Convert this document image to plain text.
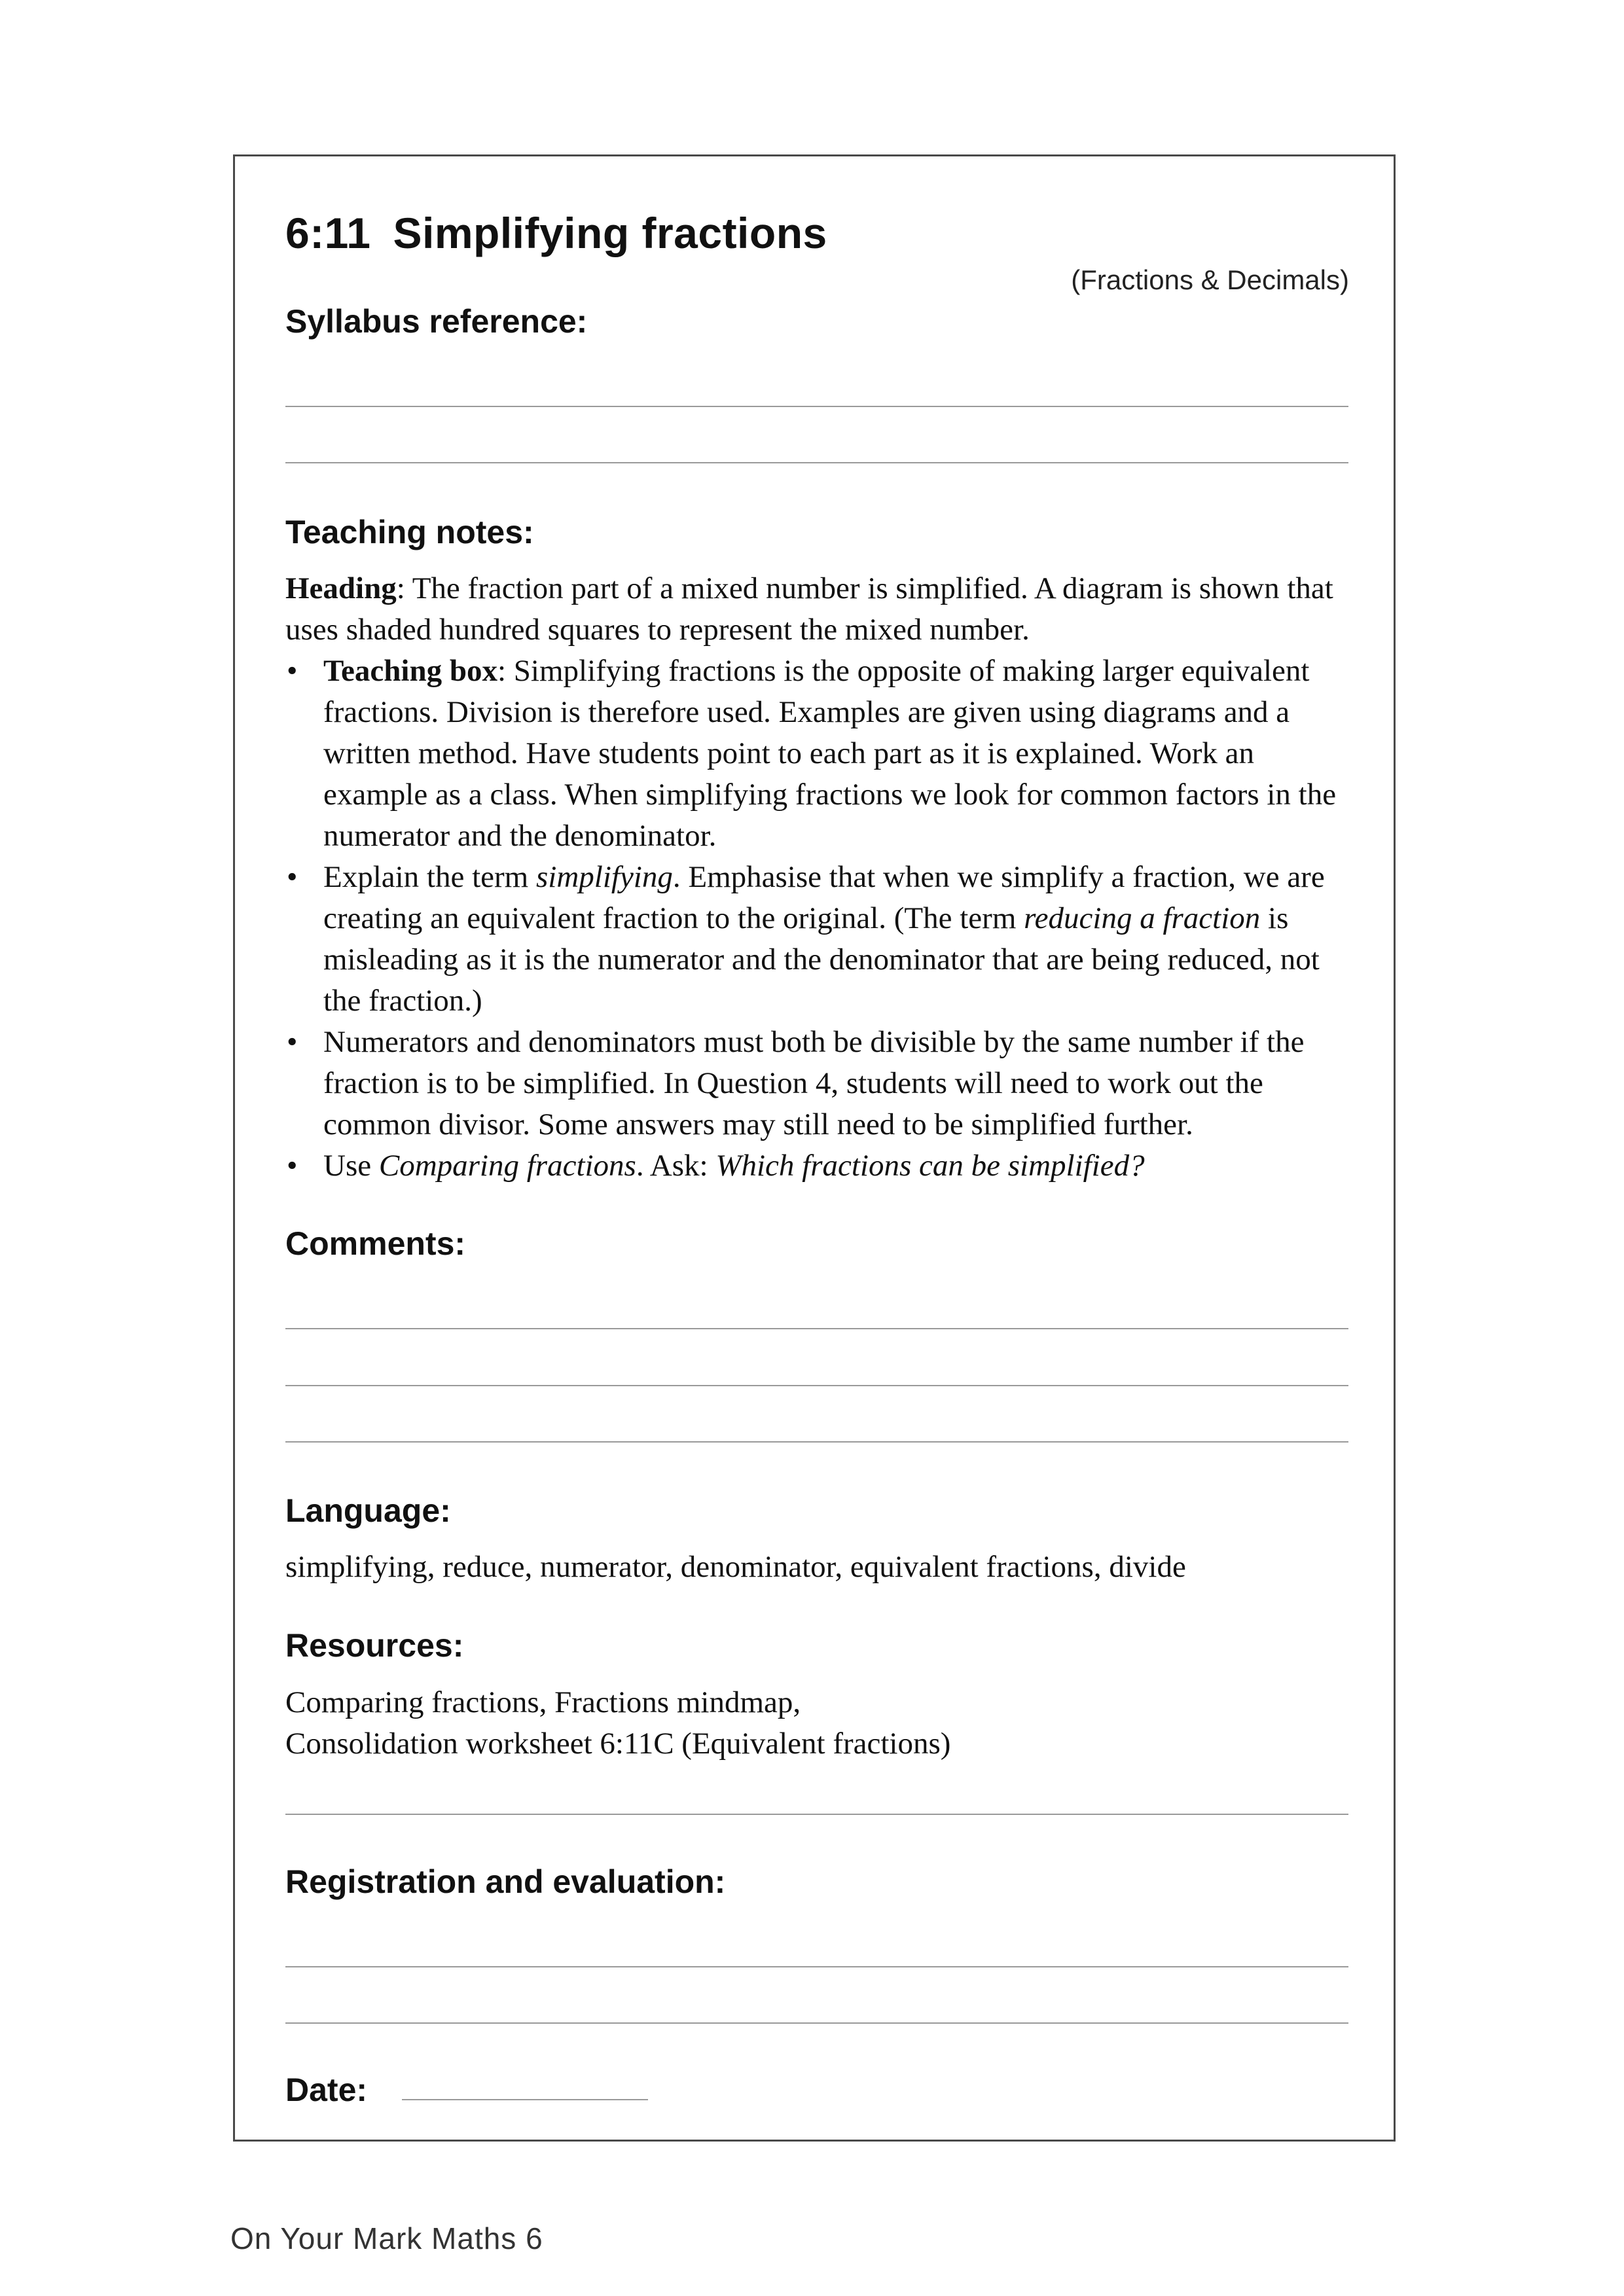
6:11 Simplifying fractions
(Fractions & Decimals)
Syllabus reference:
Teaching notes:

Heading: The fraction part of a mixed number is simplified. A diagram is shown that uses shaded hundred squares to represent the mixed number.

• Teaching box: Simplifying fractions is the opposite of making larger equivalent fractions. Division is therefore used. Examples are given using diagrams and a written method. Have students point to each part as it is explained. Work an example as a class. When simplifying fractions we look for common factors in the numerator and the denominator.
• Explain the term simplifying. Emphasise that when we simplify a fraction, we are creating an equivalent fraction to the original. (The term reducing a fraction is misleading as it is the numerator and the denominator that are being reduced, not the fraction.)
• Numerators and denominators must both be divisible by the same number if the fraction is to be simplified. In Question 4, students will need to work out the common divisor. Some answers may still need to be simplified further.
• Use Comparing fractions. Ask: Which fractions can be simplified?
Comments:
Language:
simplifying, reduce, numerator, denominator, equivalent fractions, divide
Resources:

Comparing fractions, Fractions mindmap,

Consolidation worksheet 6:11C (Equivalent fractions)

Registration and evaluation:
Date:
On Your Mark Maths 6
